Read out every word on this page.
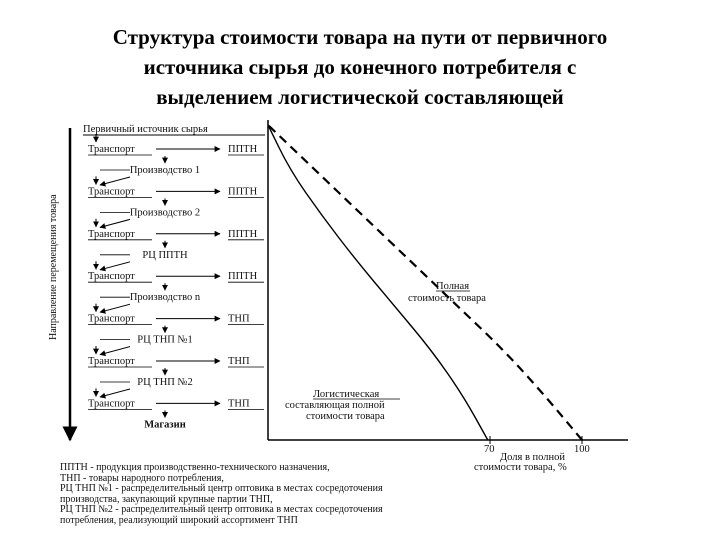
Структура стоимости товара на пути от первичного
источника сырья до конечного потребителя с
выделением логистической составляющей
Направление перемещения товара
Первичный источник сырья
Транспорт	ППТН
Производство 1
Транспорт	ППТН
Производство 2
Транспорт	ППТН
РЦ ППТН
Транспорт	ППТН
Производство n
Транспорт	ТНП
РЦ ТНП №1
Транспорт	ТНП
РЦ ТНП №2
Транспорт	ТНП
Магазин
70	100
Полная
стоимость товара
Логистическая
составляющая полной
стоимости товара
Доля в полной
стоимости товара, %
ППТН - продукция производственно-технического назначения,
ТНП - товары народного потребления,
РЦ ТНП №1 - распределительный центр оптовика в местах сосредоточения
производства, закупающий крупные партии ТНП,
РЦ ТНП №2 - распределительный центр оптовика в местах сосредоточения
потребления, реализующий широкий ассортимент ТНП
